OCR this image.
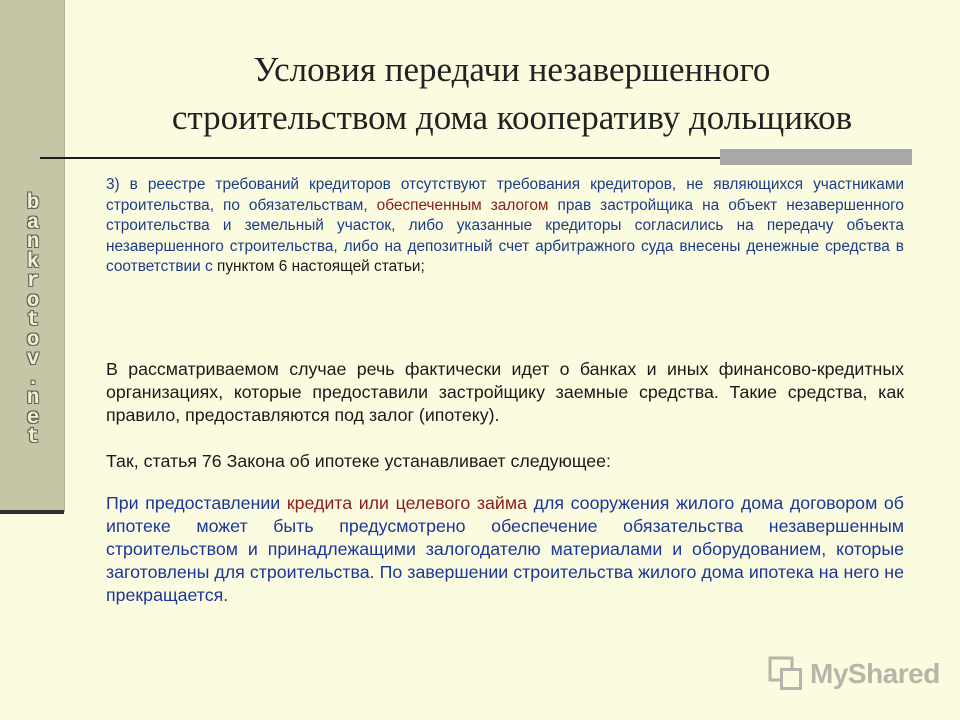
b
a
n
k
r
o
t
o
v
.
n
e
t
Условия передачи незавершенного
строительством дома кооперативу дольщиков

3) в реестре требований кредиторов отсутствуют требования кредиторов, не являющихся участниками строительства, по обязательствам, обеспеченным залогом прав застройщика на объект незавершенного строительства и земельный участок, либо указанные кредиторы согласились на передачу объекта незавершенного строительства, либо на депозитный счет арбитражного суда внесены денежные средства в соответствии с пунктом 6 настоящей статьи;

В рассматриваемом случае речь фактически идет о банках и иных финансово-кредитных организациях, которые предоставили застройщику заемные средства. Такие средства, как правило, предоставляются под залог (ипотеку).

Так, статья 76 Закона об ипотеке устанавливает следующее:

При предоставлении кредита или целевого займа для сооружения жилого дома договором об ипотеке может быть предусмотрено обеспечение обязательства незавершенным строительством и принадлежащими залогодателю материалами и оборудованием, которые заготовлены для строительства. По завершении строительства жилого дома ипотека на него не прекращается.

MyShared
